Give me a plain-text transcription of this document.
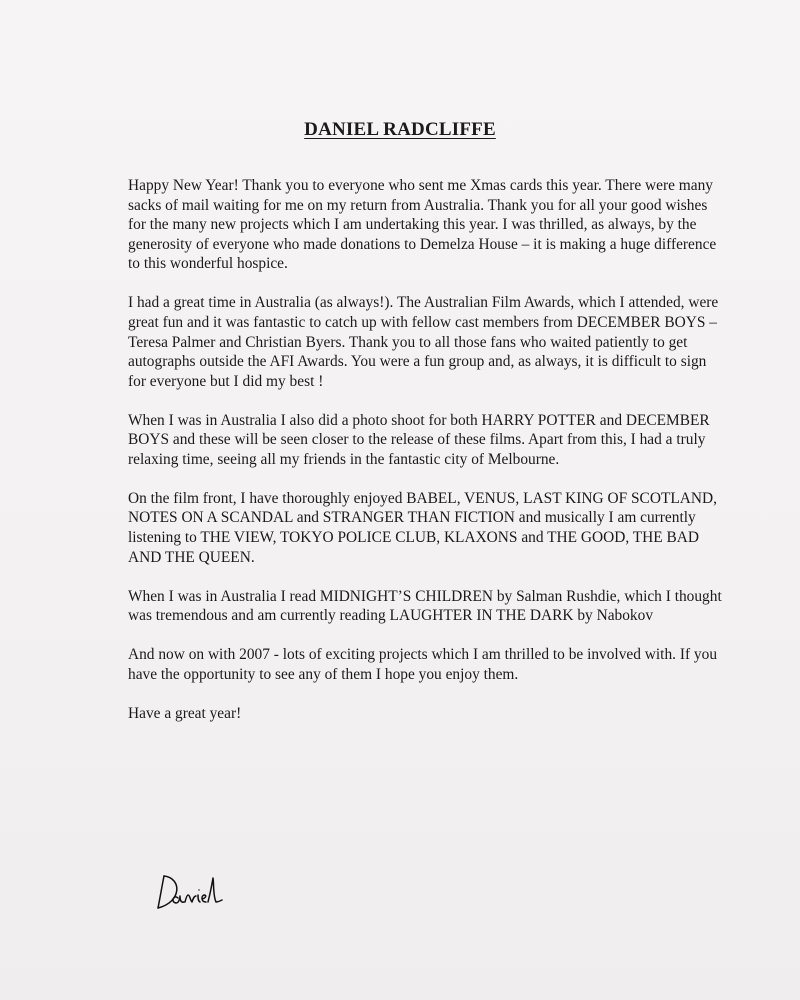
DANIEL RADCLIFFE

Happy New Year! Thank you to everyone who sent me Xmas cards this year. There were many sacks of mail waiting for me on my return from Australia. Thank you for all your good wishes for the many new projects which I am undertaking this year. I was thrilled, as always, by the generosity of everyone who made donations to Demelza House – it is making a huge difference to this wonderful hospice.

I had a great time in Australia (as always!). The Australian Film Awards, which I attended, were great fun and it was fantastic to catch up with fellow cast members from DECEMBER BOYS – Teresa Palmer and Christian Byers. Thank you to all those fans who waited patiently to get autographs outside the AFI Awards. You were a fun group and, as always, it is difficult to sign for everyone but I did my best !

When I was in Australia I also did a photo shoot for both HARRY POTTER and DECEMBER BOYS and these will be seen closer to the release of these films. Apart from this, I had a truly relaxing time, seeing all my friends in the fantastic city of Melbourne.

On the film front, I have thoroughly enjoyed BABEL, VENUS, LAST KING OF SCOTLAND, NOTES ON A SCANDAL and STRANGER THAN FICTION and musically I am currently listening to THE VIEW, TOKYO POLICE CLUB, KLAXONS and THE GOOD, THE BAD AND THE QUEEN.

When I was in Australia I read MIDNIGHT’S CHILDREN by Salman Rushdie, which I thought was tremendous and am currently reading LAUGHTER IN THE DARK by Nabokov

And now on with 2007 - lots of exciting projects which I am thrilled to be involved with. If you have the opportunity to see any of them I hope you enjoy them.

Have a great year!
